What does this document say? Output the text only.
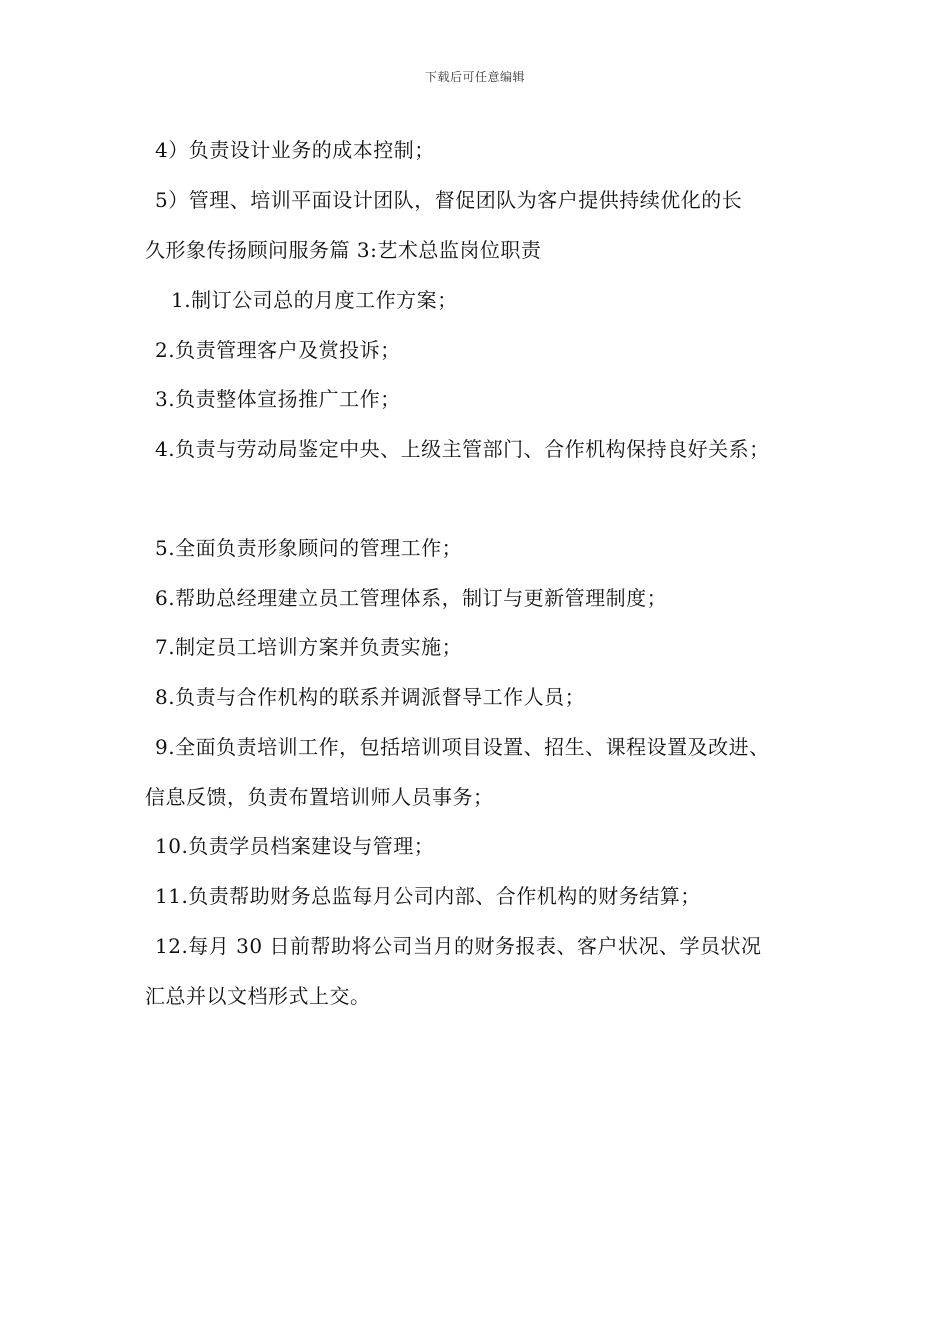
下载后可任意编辑
4）负责设计业务的成本控制；
5）管理、培训平面设计团队，督促团队为客户提供持续优化的长
久形象传扬顾问服务篇 3:艺术总监岗位职责
1.制订公司总的月度工作方案；
2.负责管理客户及赏投诉；
3.负责整体宣扬推广工作；
4.负责与劳动局鉴定中央、上级主管部门、合作机构保持良好关系；
5.全面负责形象顾问的管理工作；
6.帮助总经理建立员工管理体系，制订与更新管理制度；
7.制定员工培训方案并负责实施；
8.负责与合作机构的联系并调派督导工作人员；
9.全面负责培训工作，包括培训项目设置、招生、课程设置及改进、
信息反馈，负责布置培训师人员事务；
10.负责学员档案建设与管理；
11.负责帮助财务总监每月公司内部、合作机构的财务结算；
12.每月 30 日前帮助将公司当月的财务报表、客户状况、学员状况
汇总并以文档形式上交。
